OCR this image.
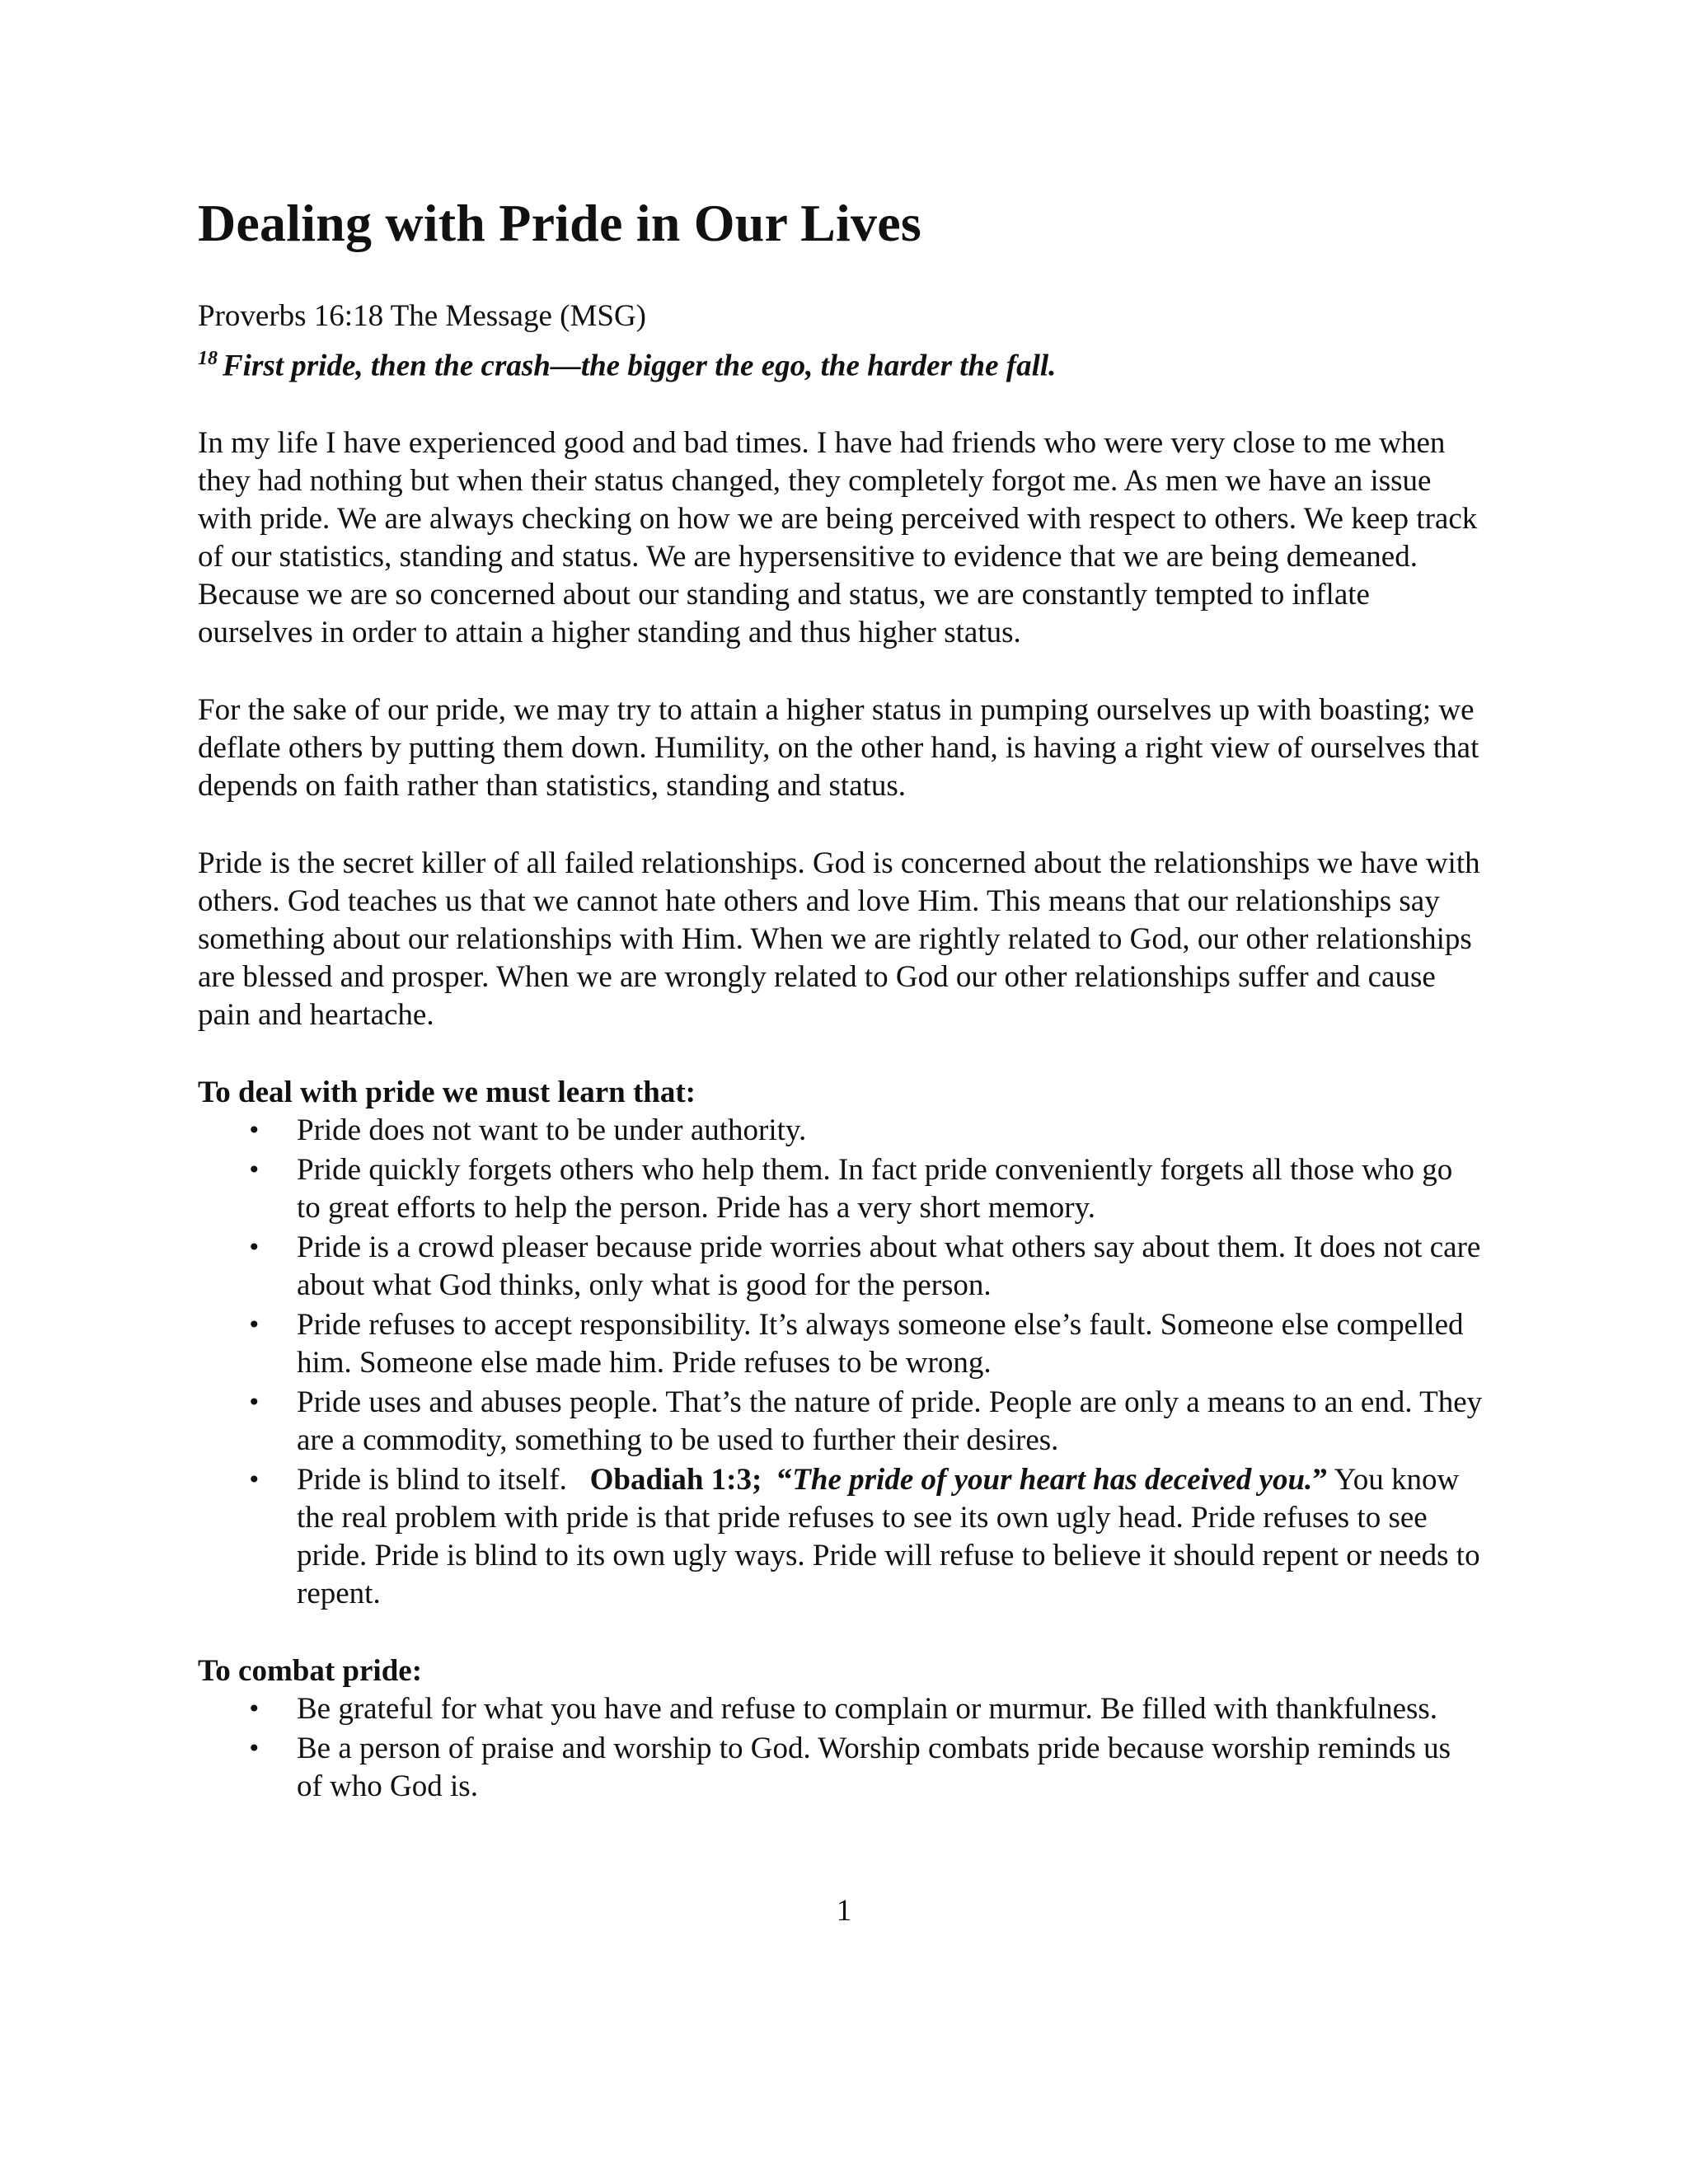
Dealing with Pride in Our Lives

Proverbs 16:18 The Message (MSG)

$^{18}$ First pride, then the crash—the bigger the ego, the harder the fall.

In my life I have experienced good and bad times. I have had friends who were very close to me when they had nothing but when their status changed, they completely forgot me. As men we have an issue with pride. We are always checking on how we are being perceived with respect to others. We keep track of our statistics, standing and status. We are hypersensitive to evidence that we are being demeaned. Because we are so concerned about our standing and status, we are constantly tempted to inflate ourselves in order to attain a higher standing and thus higher status.

For the sake of our pride, we may try to attain a higher status in pumping ourselves up with boasting; we deflate others by putting them down. Humility, on the other hand, is having a right view of ourselves that depends on faith rather than statistics, standing and status.

Pride is the secret killer of all failed relationships. God is concerned about the relationships we have with others. God teaches us that we cannot hate others and love Him. This means that our relationships say something about our relationships with Him. When we are rightly related to God, our other relationships are blessed and prosper. When we are wrongly related to God our other relationships suffer and cause pain and heartache.

To deal with pride we must learn that:

• Pride does not want to be under authority.
• Pride quickly forgets others who help them. In fact pride conveniently forgets all those who go to great efforts to help the person. Pride has a very short memory.
• Pride is a crowd pleaser because pride worries about what others say about them. It does not care about what God thinks, only what is good for the person.
• Pride refuses to accept responsibility. It’s always someone else’s fault. Someone else compelled him. Someone else made him. Pride refuses to be wrong.
• Pride uses and abuses people. That’s the nature of pride. People are only a means to an end. They are a commodity, something to be used to further their desires.
• Pride is blind to itself. Obadiah 1:3; “The pride of your heart has deceived you.” You know the real problem with pride is that pride refuses to see its own ugly head. Pride refuses to see pride. Pride is blind to its own ugly ways. Pride will refuse to believe it should repent or needs to repent.

To combat pride:

• Be grateful for what you have and refuse to complain or murmur. Be filled with thankfulness.
• Be a person of praise and worship to God. Worship combats pride because worship reminds us of who God is.
1
